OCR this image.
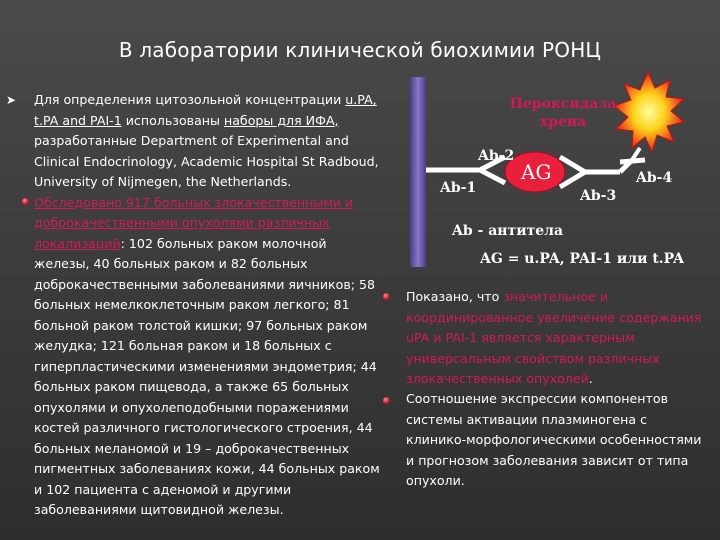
В лаборатории клинической биохимии РОНЦ
➤ Для определения цитозольной концентрации u.PA, t.PA and PAI-1 использованы наборы для ИФА, разработанные Department of Experimental and Clinical Endocrinology, Academic Hospital St Radboud, University of Nijmegen, the Netherlands.
Обследовано 917 больных злокачественными и доброкачественными опухолями различных локализаций: 102 больных раком молочной железы, 40 больных раком и 82 больных доброкачественными заболеваниями яичников; 58 больных немелкоклеточным раком легкого; 81 больной раком толстой кишки; 97 больных раком желудка; 121 больная раком и 18 больных с гиперпластическими изменениями эндометрия; 44 больных раком пищевода, а также 65 больных опухолями и опухолеподобными поражениями костей различного гистологического строения, 44 больных меланомой и 19 – доброкачественных пигментных заболеваниях кожи, 44 больных раком и 102 пациента с аденомой и другими заболеваниями щитовидной железы.
Пероксидаза
хрена
Ab-1
Ab-2
AG
Ab-3
Ab-4
Ab - антитела
AG = u.PA, PAI-1 или t.PA
Показано, что значительное и координированное увеличение содержания uPA и PAI-1 является характерным универсальным свойством различных злокачественных опухолей.
Соотношение экспрессии компонентов системы активации плазминогена с клинико-морфологическими особенностями и прогнозом заболевания зависит от типа опухоли.
